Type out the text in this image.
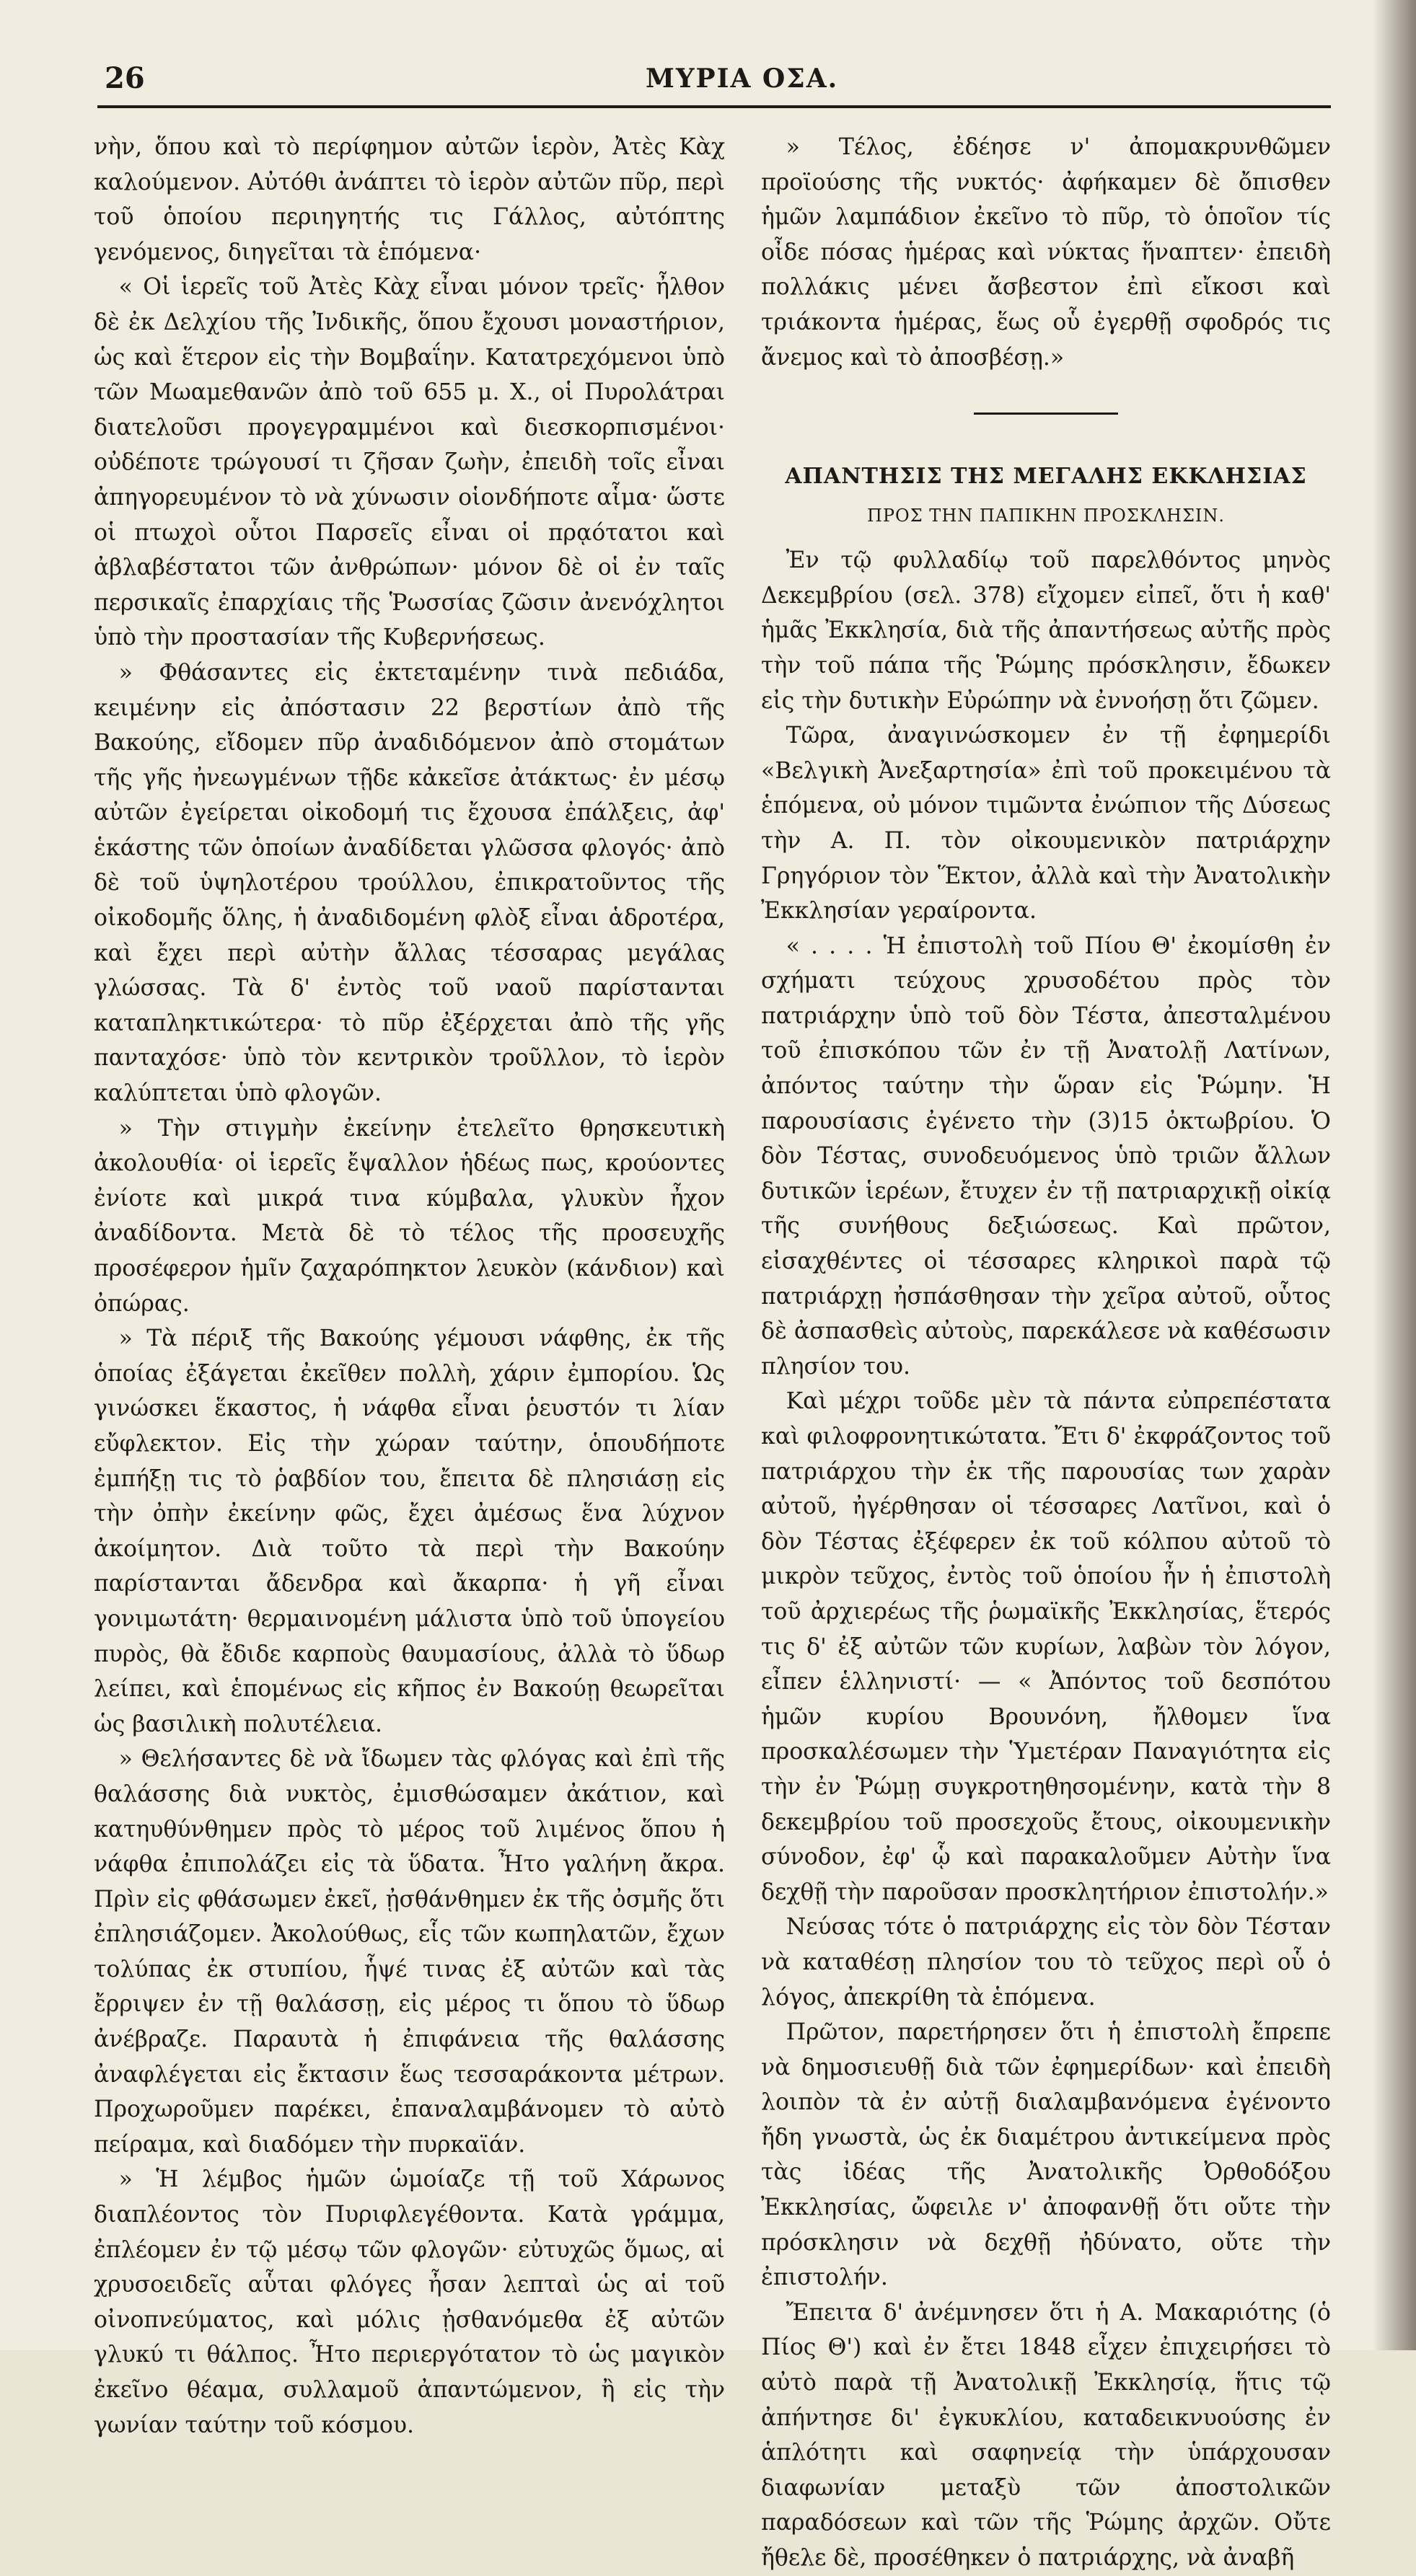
26	ΜΥΡΙΑ ΟΣΑ.

νὴν, ὅπου καὶ τὸ περίφημον αὐτῶν ἱερὸν, Ἀτὲς Κὰχ καλούμενον. Αὐτόθι ἀνάπτει τὸ ἱερὸν αὐτῶν πῦρ, περὶ τοῦ ὁποίου περιηγητής τις Γάλλος, αὐτόπτης γενόμενος, διηγεῖται τὰ ἑπόμενα·

« Οἱ ἱερεῖς τοῦ Ἀτὲς Κὰχ εἶναι μόνον τρεῖς· ἦλθον δὲ ἐκ Δελχίου τῆς Ἰνδικῆς, ὅπου ἔχουσι μοναστήριον, ὡς καὶ ἕτερον εἰς τὴν Βομβαΐην. Κατατρεχόμενοι ὑπὸ τῶν Μωαμεθανῶν ἀπὸ τοῦ 655 μ. Χ., οἱ Πυρολάτραι διατελοῦσι προγεγραμμένοι καὶ διεσκορπισμένοι· οὐδέποτε τρώγουσί τι ζῆσαν ζωὴν, ἐπειδὴ τοῖς εἶναι ἀπηγορευμένον τὸ νὰ χύνωσιν οἱονδήποτε αἷμα· ὥστε οἱ πτωχοὶ οὗτοι Παρσεῖς εἶναι οἱ πρᾳότατοι καὶ ἀβλαβέστατοι τῶν ἀνθρώπων· μόνον δὲ οἱ ἐν ταῖς περσικαῖς ἐπαρχίαις τῆς Ῥωσσίας ζῶσιν ἀνενόχλητοι ὑπὸ τὴν προστασίαν τῆς Κυβερνήσεως.

» Φθάσαντες εἰς ἐκτεταμένην τινὰ πεδιάδα, κειμένην εἰς ἀπόστασιν 22 βερστίων ἀπὸ τῆς Βακούης, εἴδομεν πῦρ ἀναδιδόμενον ἀπὸ στομάτων τῆς γῆς ἠνεωγμένων τῇδε κἀκεῖσε ἀτάκτως· ἐν μέσῳ αὐτῶν ἐγείρεται οἰκοδομή τις ἔχουσα ἐπάλξεις, ἀφ' ἑκάστης τῶν ὁποίων ἀναδίδεται γλῶσσα φλογός· ἀπὸ δὲ τοῦ ὑψηλοτέρου τρούλλου, ἐπικρατοῦντος τῆς οἰκοδομῆς ὅλης, ἡ ἀναδιδομένη φλὸξ εἶναι ἁδροτέρα, καὶ ἔχει περὶ αὐτὴν ἄλλας τέσσαρας μεγάλας γλώσσας. Τὰ δ' ἐντὸς τοῦ ναοῦ παρίστανται καταπληκτικώτερα· τὸ πῦρ ἐξέρχεται ἀπὸ τῆς γῆς πανταχόσε· ὑπὸ τὸν κεντρικὸν τροῦλλον, τὸ ἱερὸν καλύπτεται ὑπὸ φλογῶν.

» Τὴν στιγμὴν ἐκείνην ἐτελεῖτο θρησκευτικὴ ἀκολουθία· οἱ ἱερεῖς ἔψαλλον ἡδέως πως, κρούοντες ἐνίοτε καὶ μικρά τινα κύμβαλα, γλυκὺν ἦχον ἀναδίδοντα. Μετὰ δὲ τὸ τέλος τῆς προσευχῆς προσέφερον ἡμῖν ζαχαρόπηκτον λευκὸν (κάνδιον) καὶ ὀπώρας.

» Τὰ πέριξ τῆς Βακούης γέμουσι νάφθης, ἐκ τῆς ὁποίας ἐξάγεται ἐκεῖθεν πολλὴ, χάριν ἐμπορίου. Ὡς γινώσκει ἕκαστος, ἡ νάφθα εἶναι ῥευστόν τι λίαν εὔφλεκτον. Εἰς τὴν χώραν ταύτην, ὁπουδήποτε ἐμπήξῃ τις τὸ ῥαβδίον του, ἔπειτα δὲ πλησιάσῃ εἰς τὴν ὀπὴν ἐκείνην φῶς, ἔχει ἀμέσως ἕνα λύχνον ἀκοίμητον. Διὰ τοῦτο τὰ περὶ τὴν Βακούην παρίστανται ἄδενδρα καὶ ἄκαρπα· ἡ γῆ εἶναι γονιμωτάτη· θερμαινομένη μάλιστα ὑπὸ τοῦ ὑπογείου πυρὸς, θὰ ἔδιδε καρποὺς θαυμασίους, ἀλλὰ τὸ ὕδωρ λείπει, καὶ ἑπομένως εἰς κῆπος ἐν Βακούῃ θεωρεῖται ὡς βασιλικὴ πολυτέλεια.

» Θελήσαντες δὲ νὰ ἴδωμεν τὰς φλόγας καὶ ἐπὶ τῆς θαλάσσης διὰ νυκτὸς, ἐμισθώσαμεν ἀκάτιον, καὶ κατηυθύνθημεν πρὸς τὸ μέρος τοῦ λιμένος ὅπου ἡ νάφθα ἐπιπολάζει εἰς τὰ ὕδατα. Ἦτο γαλήνη ἄκρα. Πρὶν εἰς φθάσωμεν ἐκεῖ, ᾐσθάνθημεν ἐκ τῆς ὀσμῆς ὅτι ἐπλησιάζομεν. Ἀκολούθως, εἷς τῶν κωπηλατῶν, ἔχων τολύπας ἐκ στυπίου, ἧψέ τινας ἐξ αὐτῶν καὶ τὰς ἔρριψεν ἐν τῇ θαλάσσῃ, εἰς μέρος τι ὅπου τὸ ὕδωρ ἀνέβραζε. Παραυτὰ ἡ ἐπιφάνεια τῆς θαλάσσης ἀναφλέγεται εἰς ἔκτασιν ἕως τεσσαράκοντα μέτρων. Προχωροῦμεν παρέκει, ἐπαναλαμβάνομεν τὸ αὐτὸ πείραμα, καὶ διαδόμεν τὴν πυρκαϊάν.

» Ἡ λέμβος ἡμῶν ὡμοίαζε τῇ τοῦ Χάρωνος διαπλέοντος τὸν Πυριφλεγέθοντα. Κατὰ γράμμα, ἐπλέομεν ἐν τῷ μέσῳ τῶν φλογῶν· εὐτυχῶς ὅμως, αἱ χρυσοειδεῖς αὗται φλόγες ἦσαν λεπταὶ ὡς αἱ τοῦ οἰνοπνεύματος, καὶ μόλις ᾐσθανόμεθα ἐξ αὐτῶν γλυκύ τι θάλπος. Ἦτο περιεργότατον τὸ ὡς μαγικὸν ἐκεῖνο θέαμα, συλλαμοῦ ἀπαντώμενον, ἢ εἰς τὴν γωνίαν ταύτην τοῦ κόσμου.

» Τέλος, ἐδέησε ν' ἀπομακρυνθῶμεν προϊούσης τῆς νυκτός· ἀφήκαμεν δὲ ὄπισθεν ἡμῶν λαμπάδιον ἐκεῖνο τὸ πῦρ, τὸ ὁποῖον τίς οἶδε πόσας ἡμέρας καὶ νύκτας ἥναπτεν· ἐπειδὴ πολλάκις μένει ἄσβεστον ἐπὶ εἴκοσι καὶ τριάκοντα ἡμέρας, ἕως οὗ ἐγερθῇ σφοδρός τις ἄνεμος καὶ τὸ ἀποσβέσῃ.»

ΑΠΑΝΤΗΣΙΣ ΤΗΣ ΜΕΓΑΛΗΣ ΕΚΚΛΗΣΙΑΣ
ΠΡΟΣ ΤΗΝ ΠΑΠΙΚΗΝ ΠΡΟΣΚΛΗΣΙΝ.

Ἐν τῷ φυλλαδίῳ τοῦ παρελθόντος μηνὸς Δεκεμβρίου (σελ. 378) εἴχομεν εἰπεῖ, ὅτι ἡ καθ' ἡμᾶς Ἐκκλησία, διὰ τῆς ἀπαντήσεως αὐτῆς πρὸς τὴν τοῦ πάπα τῆς Ῥώμης πρόσκλησιν, ἔδωκεν εἰς τὴν δυτικὴν Εὐρώπην νὰ ἐννοήσῃ ὅτι ζῶμεν.

Τῶρα, ἀναγινώσκομεν ἐν τῇ ἐφημερίδι «Βελγικὴ Ἀνεξαρτησία» ἐπὶ τοῦ προκειμένου τὰ ἑπόμενα, οὐ μόνον τιμῶντα ἐνώπιον τῆς Δύσεως τὴν Α. Π. τὸν οἰκουμενικὸν πατριάρχην Γρηγόριον τὸν Ἕκτον, ἀλλὰ καὶ τὴν Ἀνατολικὴν Ἐκκλησίαν γεραίροντα.

« . . . . Ἡ ἐπιστολὴ τοῦ Πίου Θ' ἐκομίσθη ἐν σχήματι τεύχους χρυσοδέτου πρὸς τὸν πατριάρχην ὑπὸ τοῦ δὸν Τέστα, ἀπεσταλμένου τοῦ ἐπισκόπου τῶν ἐν τῇ Ἀνατολῇ Λατίνων, ἀπόντος ταύτην τὴν ὥραν εἰς Ῥώμην. Ἡ παρουσίασις ἐγένετο τὴν (3)15 ὀκτωβρίου. Ὁ δὸν Τέστας, συνοδευόμενος ὑπὸ τριῶν ἄλλων δυτικῶν ἱερέων, ἔτυχεν ἐν τῇ πατριαρχικῇ οἰκίᾳ τῆς συνήθους δεξιώσεως. Καὶ πρῶτον, εἰσαχθέντες οἱ τέσσαρες κληρικοὶ παρὰ τῷ πατριάρχῃ ἠσπάσθησαν τὴν χεῖρα αὐτοῦ, οὗτος δὲ ἀσπασθεὶς αὐτοὺς, παρεκάλεσε νὰ καθέσωσιν πλησίον του.

Καὶ μέχρι τοῦδε μὲν τὰ πάντα εὐπρεπέστατα καὶ φιλοφρονητικώτατα. Ἔτι δ' ἐκφράζοντος τοῦ πατριάρχου τὴν ἐκ τῆς παρουσίας των χαρὰν αὐτοῦ, ἠγέρθησαν οἱ τέσσαρες Λατῖνοι, καὶ ὁ δὸν Τέστας ἐξέφερεν ἐκ τοῦ κόλπου αὐτοῦ τὸ μικρὸν τεῦχος, ἐντὸς τοῦ ὁποίου ἦν ἡ ἐπιστολὴ τοῦ ἀρχιερέως τῆς ῥωμαϊκῆς Ἐκκλησίας, ἕτερός τις δ' ἐξ αὐτῶν τῶν κυρίων, λαβὼν τὸν λόγον, εἶπεν ἑλληνιστί· — « Ἀπόντος τοῦ δεσπότου ἡμῶν κυρίου Βρουνόνη, ἤλθομεν ἵνα προσκαλέσωμεν τὴν Ὑμετέραν Παναγιότητα εἰς τὴν ἐν Ῥώμῃ συγκροτηθησομένην, κατὰ τὴν 8 δεκεμβρίου τοῦ προσεχοῦς ἔτους, οἰκουμενικὴν σύνοδον, ἐφ' ᾧ καὶ παρακαλοῦμεν Αὐτὴν ἵνα δεχθῇ τὴν παροῦσαν προσκλητήριον ἐπιστολήν.»

Νεύσας τότε ὁ πατριάρχης εἰς τὸν δὸν Τέσταν νὰ καταθέσῃ πλησίον του τὸ τεῦχος περὶ οὗ ὁ λόγος, ἀπεκρίθη τὰ ἑπόμενα.

Πρῶτον, παρετήρησεν ὅτι ἡ ἐπιστολὴ ἔπρεπε νὰ δημοσιευθῇ διὰ τῶν ἐφημερίδων· καὶ ἐπειδὴ λοιπὸν τὰ ἐν αὐτῇ διαλαμβανόμενα ἐγένοντο ἤδη γνωστὰ, ὡς ἐκ διαμέτρου ἀντικείμενα πρὸς τὰς ἰδέας τῆς Ἀνατολικῆς Ὀρθοδόξου Ἐκκλησίας, ὤφειλε ν' ἀποφανθῇ ὅτι οὔτε τὴν πρόσκλησιν νὰ δεχθῇ ἠδύνατο, οὔτε τὴν ἐπιστολήν.

Ἔπειτα δ' ἀνέμνησεν ὅτι ἡ Α. Μακαριότης (ὁ Πίος Θ') καὶ ἐν ἔτει 1848 εἶχεν ἐπιχειρήσει τὸ αὐτὸ παρὰ τῇ Ἀνατολικῇ Ἐκκλησίᾳ, ἥτις τῷ ἀπήντησε δι' ἐγκυκλίου, καταδεικνυούσης ἐν ἁπλότητι καὶ σαφηνείᾳ τὴν ὑπάρχουσαν διαφωνίαν μεταξὺ τῶν ἀποστολικῶν παραδόσεων καὶ τῶν τῆς Ῥώμης ἀρχῶν. Οὔτε ἤθελε δὲ, προσέθηκεν ὁ πατριάρχης, νὰ ἀναβῆ
